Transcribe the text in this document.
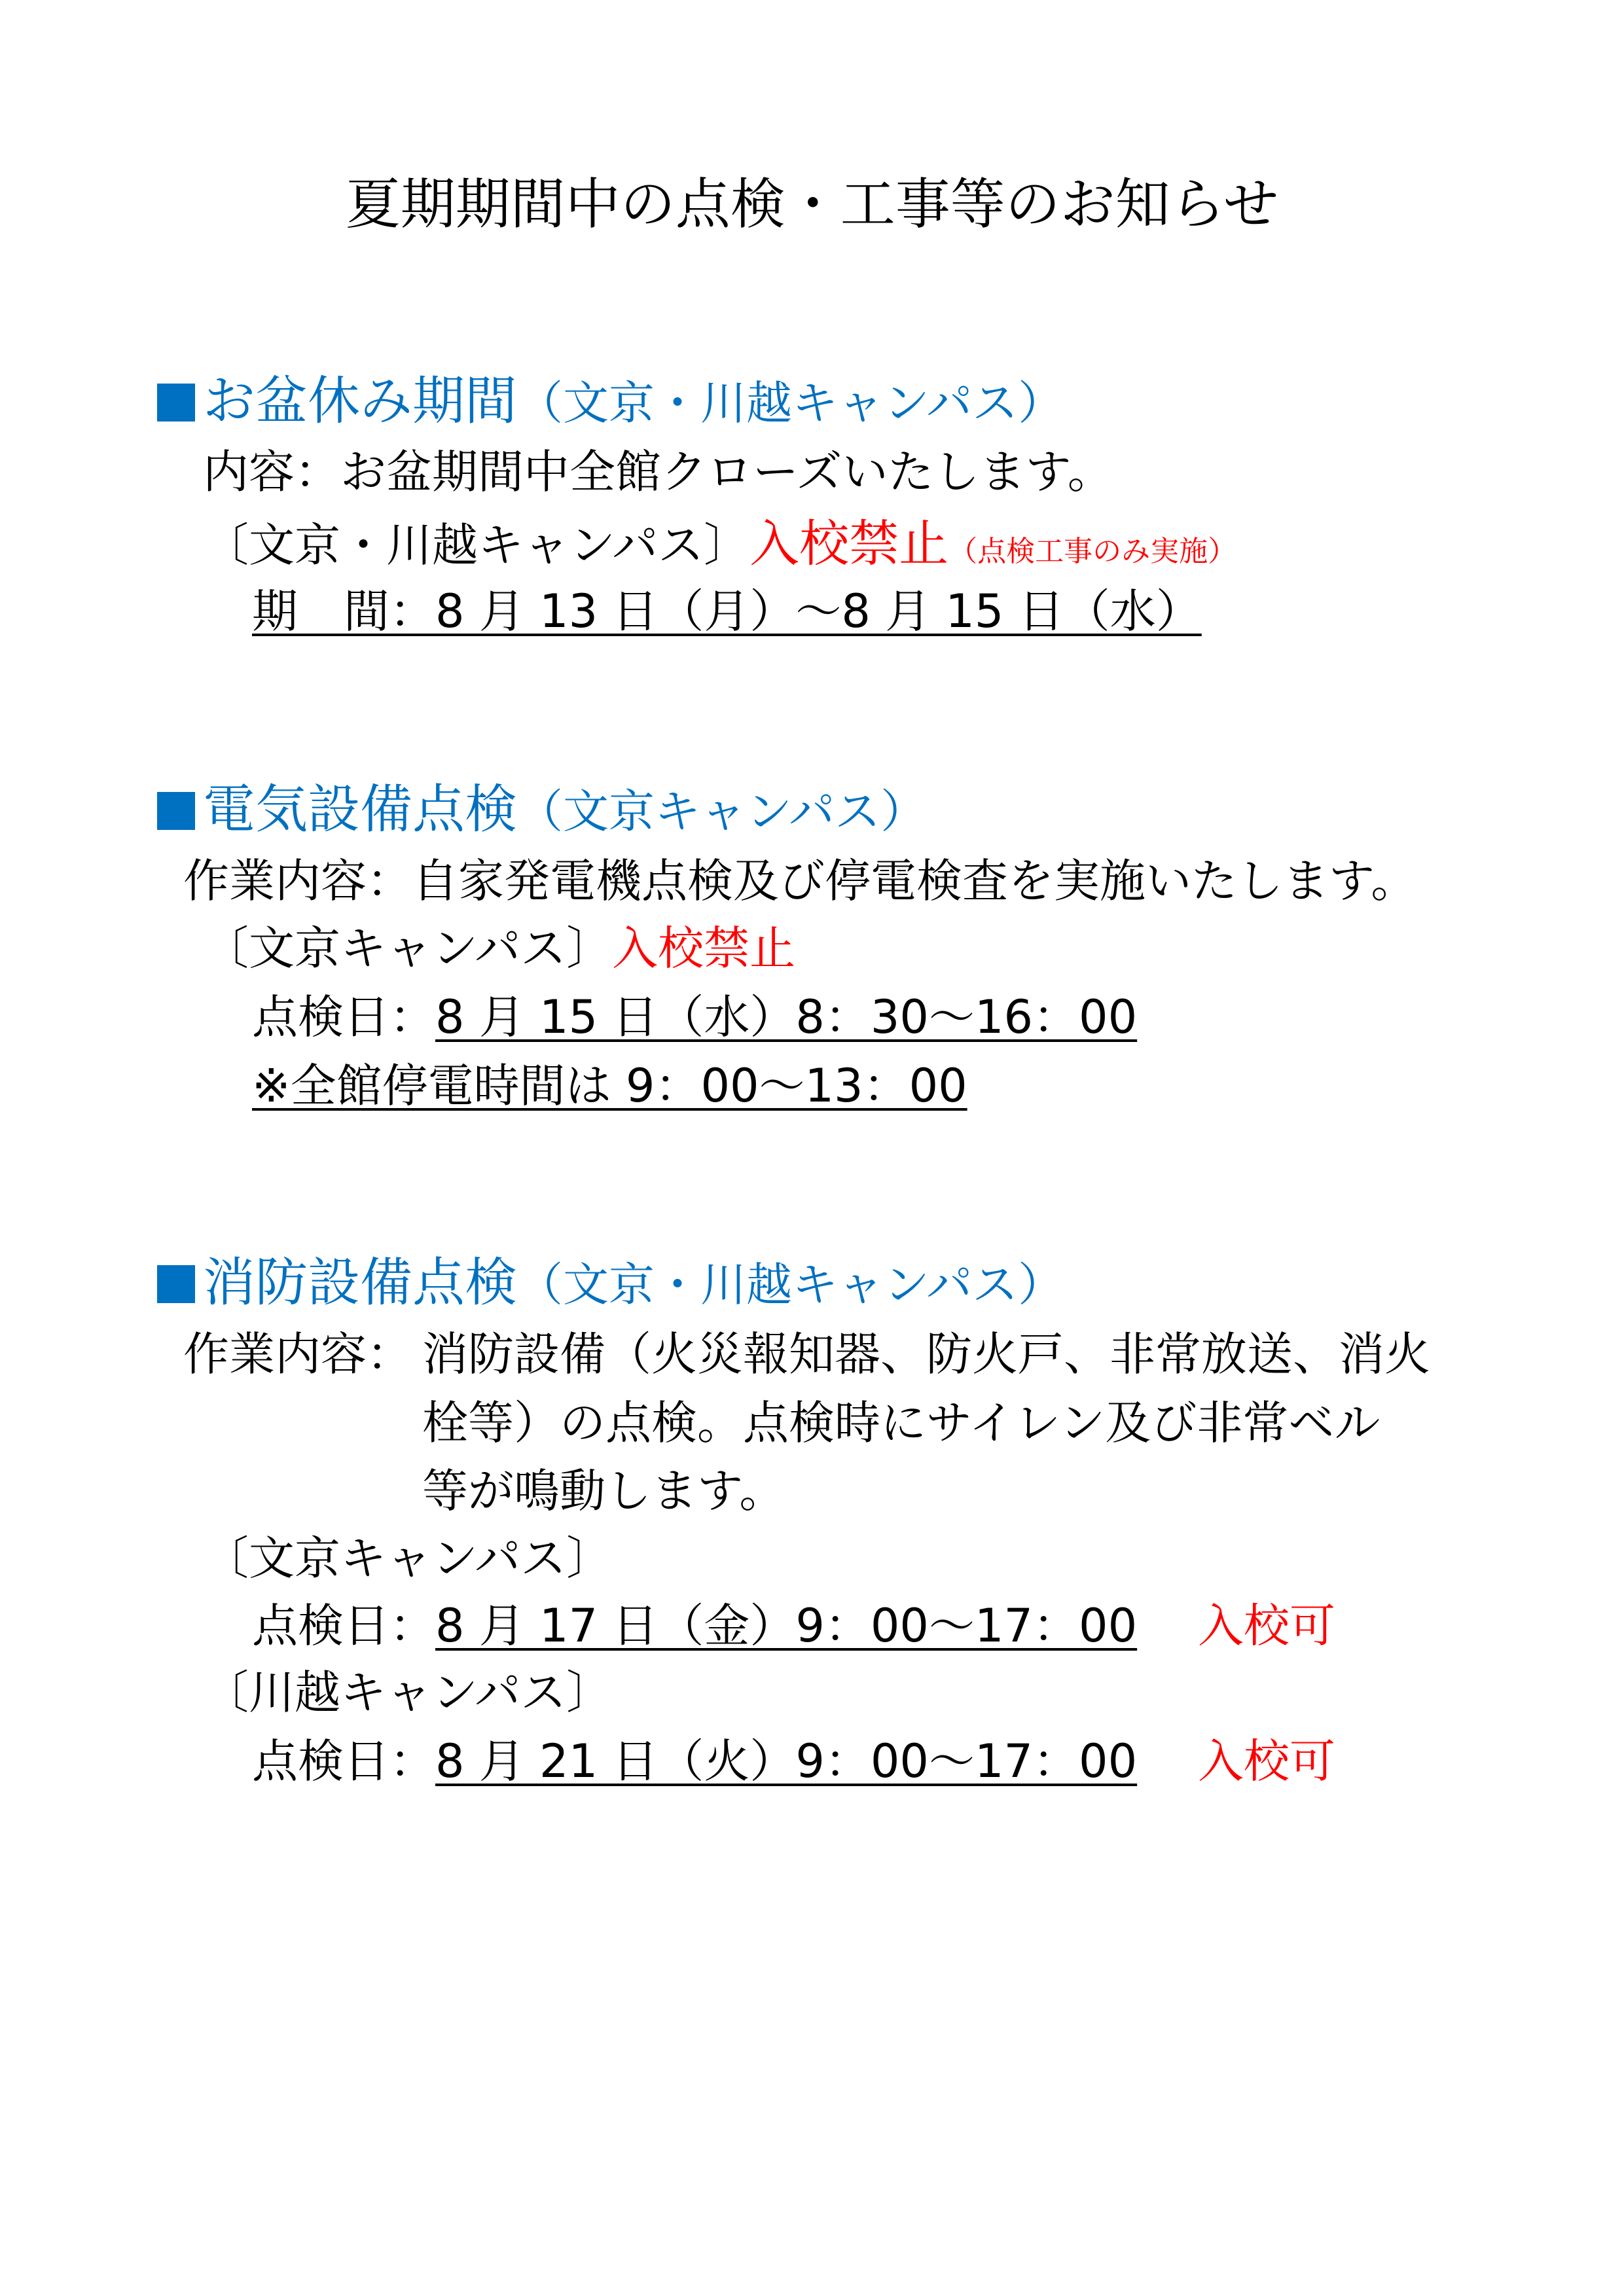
夏期期間中の点検・工事等のお知らせ
お盆休み期間（文京・川越キャンパス）
内容：お盆期間中全館クローズいたします。
〔文京・川越キャンパス〕入校禁止（点検工事のみ実施）
期　間：8 月 13 日（月）～8 月 15 日（水）
電気設備点検（文京キャンパス）
作業内容：自家発電機点検及び停電検査を実施いたします。
〔文京キャンパス〕入校禁止
点検日：8 月 15 日（水）8：30～16：00
※全館停電時間は 9：00～13：00
消防設備点検（文京・川越キャンパス）
作業内容： 消防設備（火災報知器、防火戸、非常放送、消火
栓等）の点検。点検時にサイレン及び非常ベル
等が鳴動します。
〔文京キャンパス〕
点検日：8 月 17 日（金）9：00～17：00 入校可
〔川越キャンパス〕
点検日：8 月 21 日（火）9：00～17：00 入校可
